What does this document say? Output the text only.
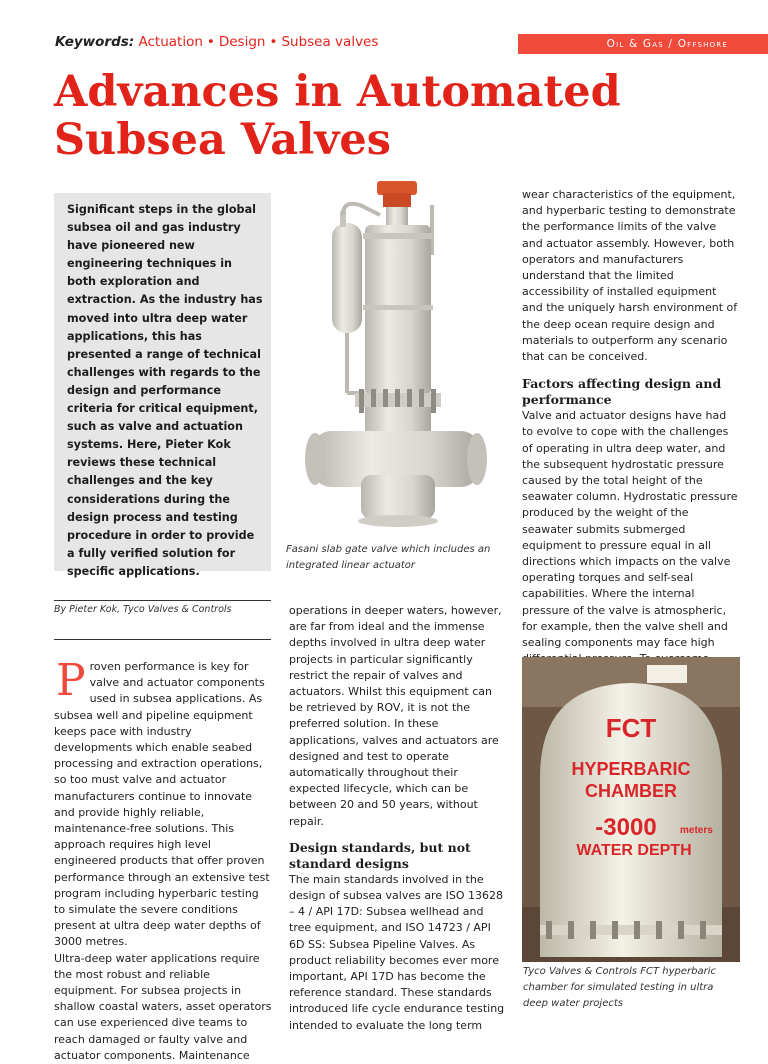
Keywords: Actuation • Design • Subsea valves	Oil & Gas / Offshore
Advances in Automated Subsea Valves
Significant steps in the global subsea oil and gas industry have pioneered new engineering techniques in both exploration and extraction. As the industry has moved into ultra deep water applications, this has presented a range of technical challenges with regards to the design and performance criteria for critical equipment, such as valve and actuation systems. Here, Pieter Kok reviews these technical challenges and the key considerations during the design process and testing procedure in order to provide a fully verified solution for specific applications.
Fasani slab gate valve which includes an integrated linear actuator
By Pieter Kok, Tyco Valves & Controls

Proven performance is key for valve and actuator components used in subsea applications. As subsea well and pipeline equipment keeps pace with industry developments which enable seabed processing and extraction operations, so too must valve and actuator manufacturers continue to innovate and provide highly reliable, maintenance-free solutions. This approach requires high level engineered products that offer proven performance through an extensive test program including hyperbaric testing to simulate the severe conditions present at ultra deep water depths of 3000 metres.

Ultra-deep water applications require the most robust and reliable equipment. For subsea projects in shallow coastal waters, asset operators can use experienced dive teams to reach damaged or faulty valve and actuator components. Maintenance

operations in deeper waters, however, are far from ideal and the immense depths involved in ultra deep water projects in particular significantly restrict the repair of valves and actuators. Whilst this equipment can be retrieved by ROV, it is not the preferred solution. In these applications, valves and actuators are designed and test to operate automatically throughout their expected lifecycle, which can be between 20 and 50 years, without repair.

Design standards, but not standard designs

The main standards involved in the design of subsea valves are ISO 13628 – 4 / API 17D: Subsea wellhead and tree equipment, and ISO 14723 / API 6D SS: Subsea Pipeline Valves. As product reliability becomes ever more important, API 17D has become the reference standard. These standards introduced life cycle endurance testing intended to evaluate the long term

wear characteristics of the equipment, and hyperbaric testing to demonstrate the performance limits of the valve and actuator assembly. However, both operators and manufacturers understand that the limited accessibility of installed equipment and the uniquely harsh environment of the deep ocean require design and materials to outperform any scenario that can be conceived.

Factors affecting design and performance

Valve and actuator designs have had to evolve to cope with the challenges of operating in ultra deep water, and the subsequent hydrostatic pressure caused by the total height of the seawater column. Hydrostatic pressure produced by the weight of the seawater submits submerged equipment to pressure equal in all directions which impacts on the valve operating torques and self-seal capabilities. Where the internal pressure of the valve is atmospheric, for example, then the valve shell and sealing components may face high

FCT
HYPERBARIC
CHAMBER
-3000 meters
WATER DEPTH
Tyco Valves & Controls FCT hyperbaric chamber for simulated testing in ultra deep water projects
